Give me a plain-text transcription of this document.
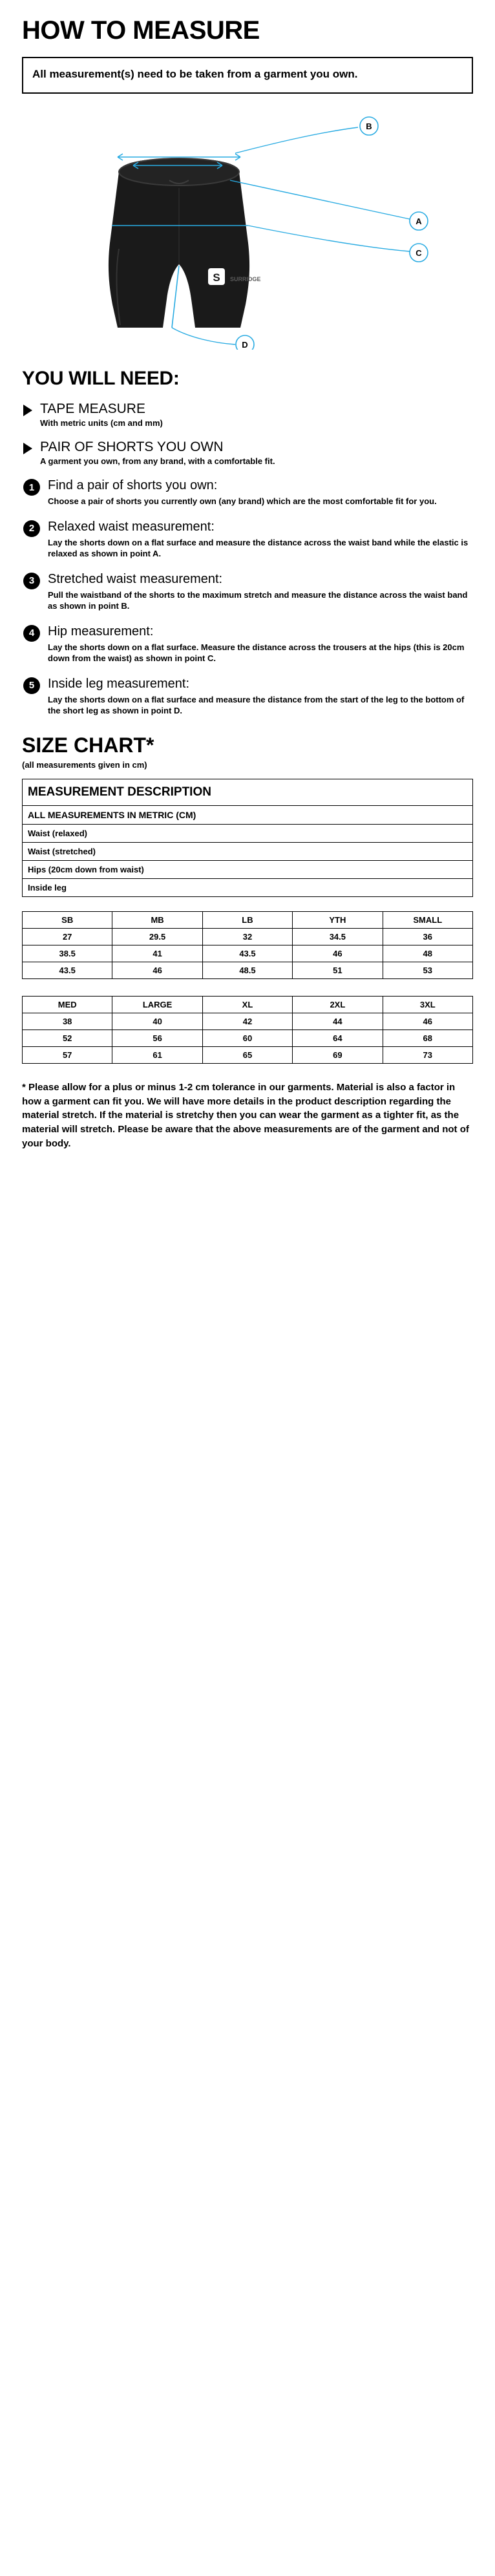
HOW TO MEASURE

All measurement(s) need to be taken from a garment you own.

S SURRIDGE
A
B
C
D
YOU WILL NEED:
TAPE MEASURE
With metric units (cm and mm)
PAIR OF SHORTS YOU OWN
A garment you own, from any brand, with a comfortable fit.
1	Find a pair of shorts you own:
Choose a pair of shorts you currently own (any brand) which are the most comfortable fit for you.
2	Relaxed waist measurement:
Lay the shorts down on a flat surface and measure the distance across the waist band while the elastic is relaxed as shown in point A.
3	Stretched waist measurement:
Pull the waistband of the shorts to the maximum stretch and measure the distance across the waist band as shown in point B.
4	Hip measurement:
Lay the shorts down on a flat surface. Measure the distance across the trousers at the hips (this is 20cm down from the waist) as shown in point C.
5	Inside leg measurement:
Lay the shorts down on a flat surface and measure the distance from the start of the leg to the bottom of the short leg as shown in point D.
SIZE CHART*

(all measurements given in cm)

MEASUREMENT DESCRIPTION
ALL MEASUREMENTS IN METRIC (CM)
Waist (relaxed)
Waist (stretched)
Hips (20cm down from waist)
Inside leg
SB	MB	LB	YTH	SMALL
27	29.5	32	34.5	36
38.5	41	43.5	46	48
43.5	46	48.5	51	53
MED	LARGE	XL	2XL	3XL
38	40	42	44	46
52	56	60	64	68
57	61	65	69	73

* Please allow for a plus or minus 1-2 cm tolerance in our garments. Material is also a factor in how a garment can fit you. We will have more details in the product description regarding the material stretch. If the material is stretchy then you can wear the garment as a tighter fit, as the material will stretch. Please be aware that the above measurements are of the garment and not of your body.
